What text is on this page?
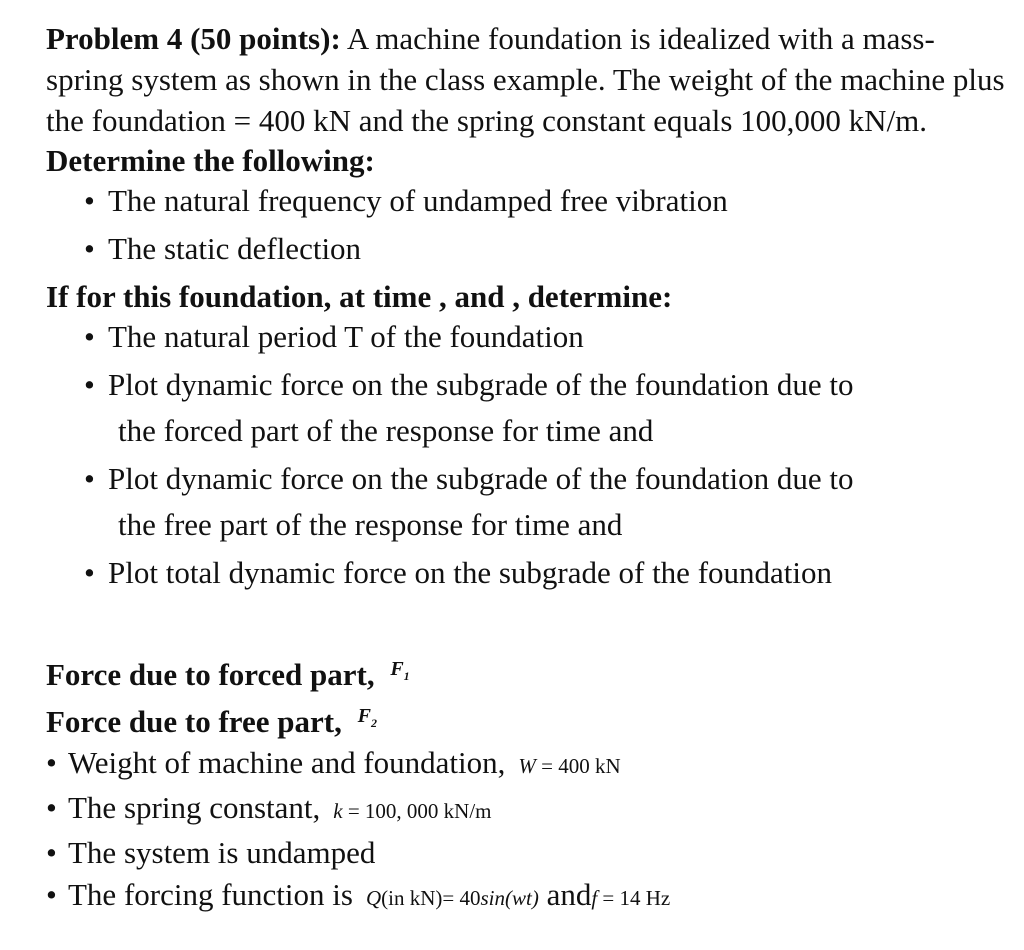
Problem 4 (50 points): A machine foundation is idealized with a mass-spring system as shown in the class example. The weight of the machine plus the foundation = 400 kN and the spring constant equals 100,000 kN/m.

Determine the following:

• The natural frequency of undamped free vibration
• The static deflection

If for this foundation, at time , and , determine:

• The natural period T of the foundation
• Plot dynamic force on the subgrade of the foundation due to
the forced part of the response for time and
• Plot dynamic force on the subgrade of the foundation due to
the free part of the response for time and
• Plot total dynamic force on the subgrade of the foundation

Force due to forced part, $F_1$

Force due to free part, $F_2$

• Weight of machine and foundation, W = 400 kN
• The spring constant, k = 100, 000 kN/m
• The system is undamped
• The forcing function is Q(in kN)= 40sin(wt) andf = 14 Hz
